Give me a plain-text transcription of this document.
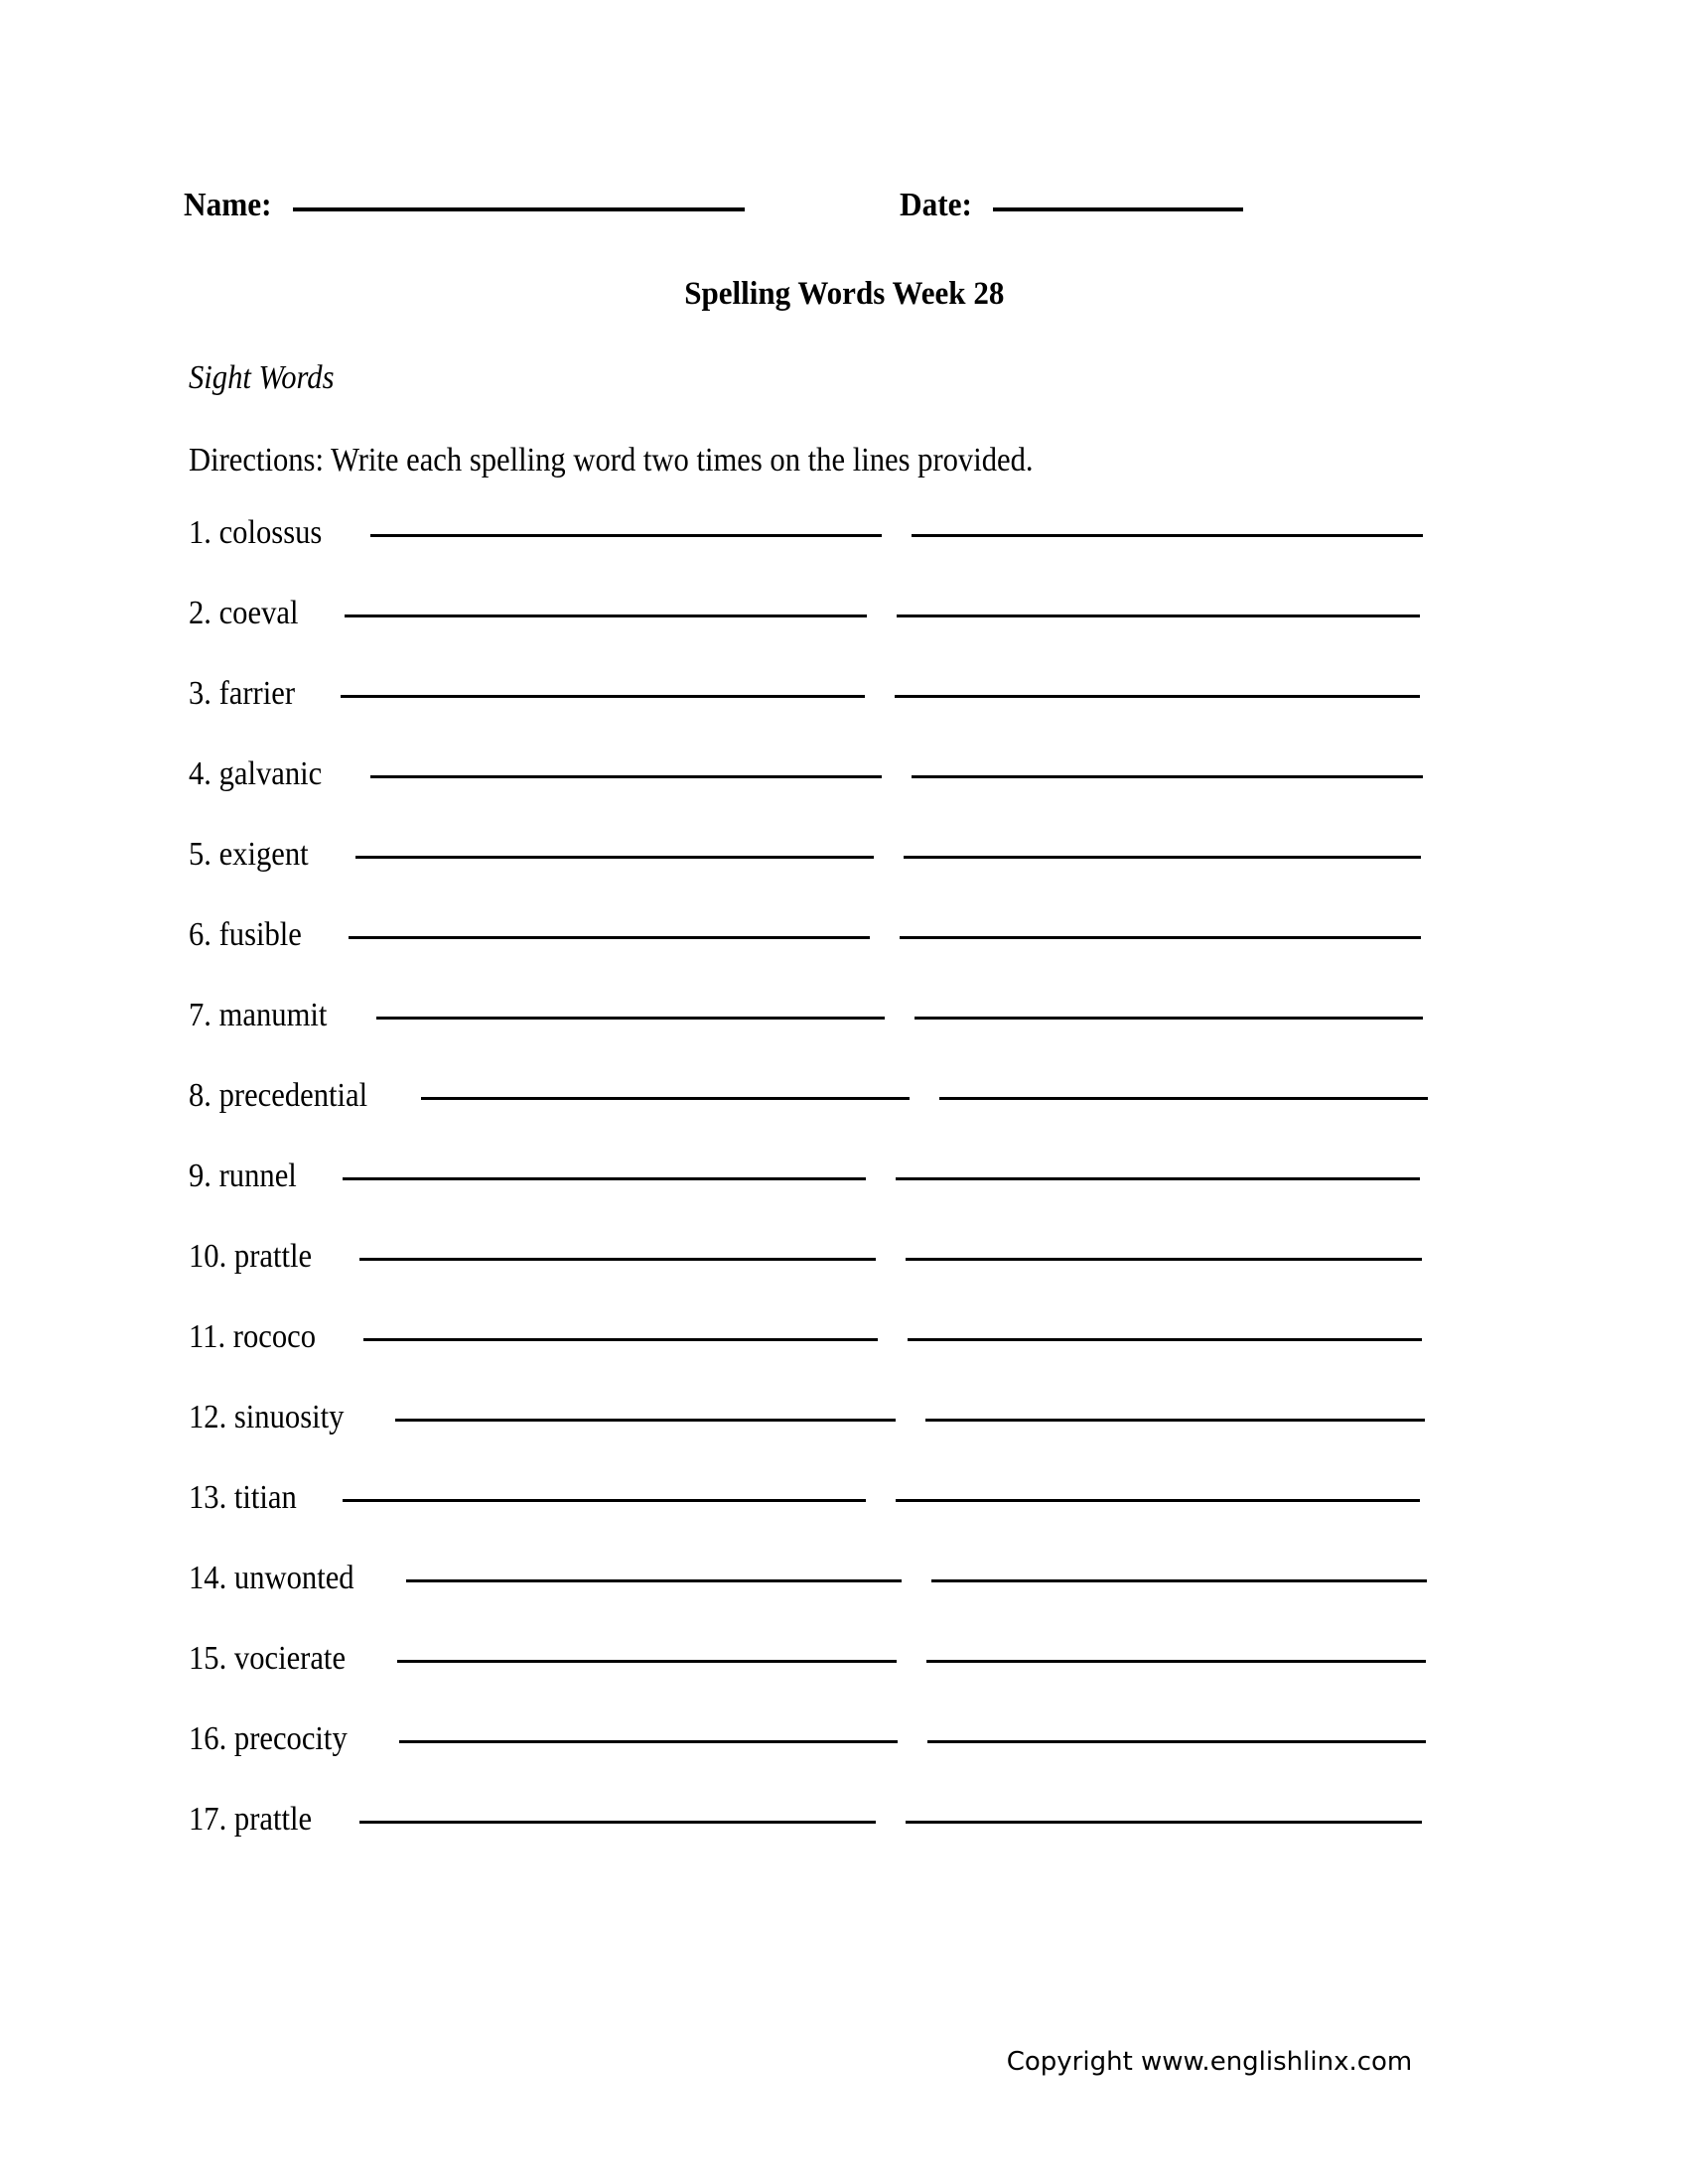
Name:	Date:
Spelling Words Week 28
Sight Words
Directions: Write each spelling word two times on the lines provided.
1. colossus
2. coeval
3. farrier
4. galvanic
5. exigent
6. fusible
7. manumit
8. precedential
9. runnel
10. prattle
11. rococo
12. sinuosity
13. titian
14. unwonted
15. vocierate
16. precocity
17. prattle
Copyright www.englishlinx.com
